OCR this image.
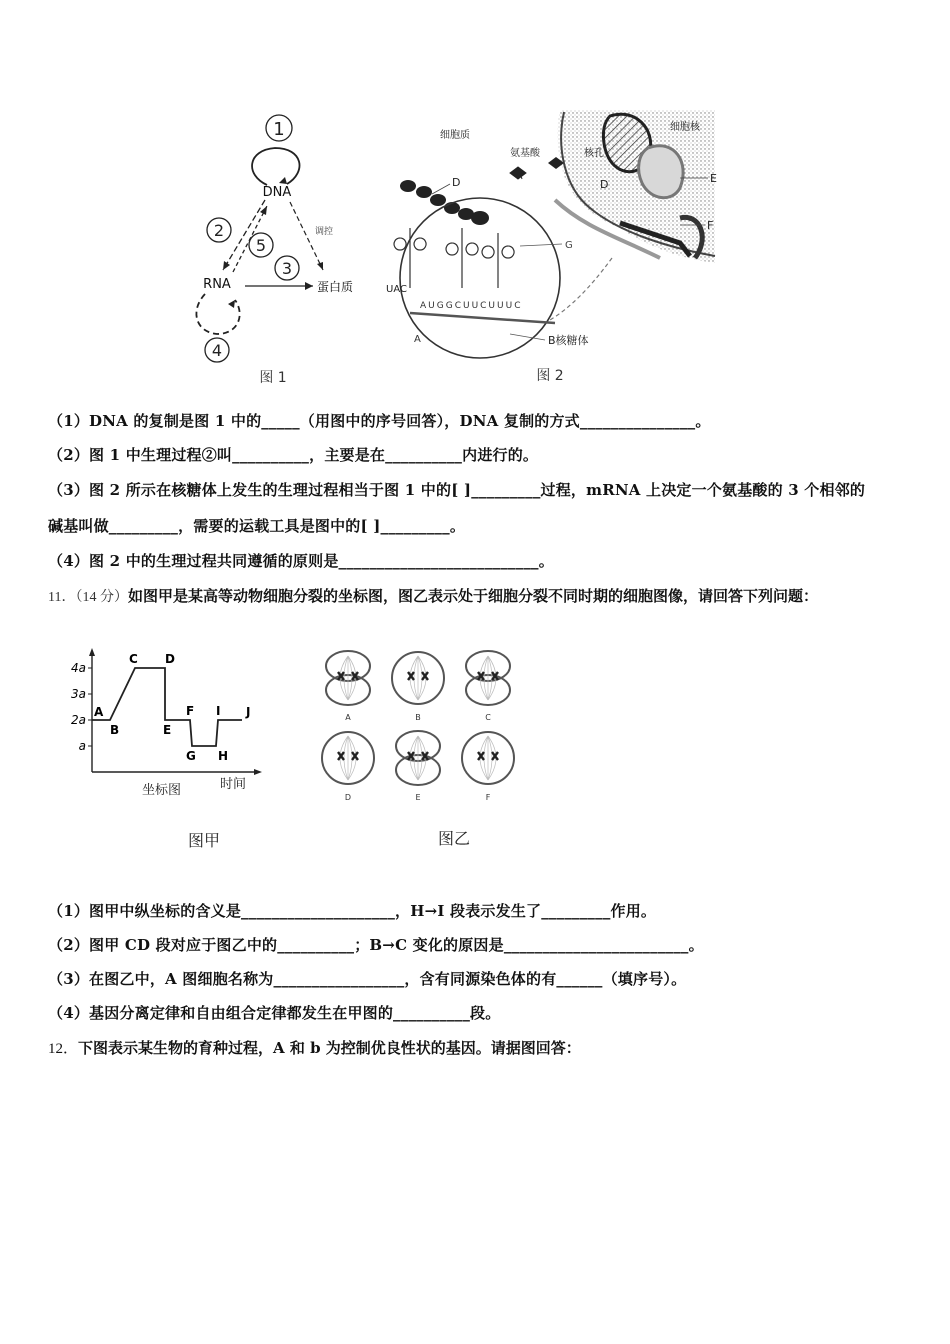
1
DNA
调控
2
5
3
RNA	蛋白质
4
图 1
细胞核
核孔
D	E
F
细胞质
氨基酸
D
G
UAC
AUGGCUUCUUUC
A	B核糖体
图 2
（1）DNA 的复制是图 1 中的_____（用图中的序号回答），DNA 复制的方式_______________。
（2）图 1 中生理过程②叫__________，主要是在__________内进行的。
（3）图 2 所示在核糖体上发生的生理过程相当于图 1 中的[ ]_________过程，mRNA 上决定一个氨基酸的 3 个相邻的
碱基叫做_________，需要的运载工具是图中的[ ]_________。
（4）图 2 中的生理过程共同遵循的原则是__________________________。
11．（14 分）如图甲是某高等动物细胞分裂的坐标图，图乙表示处于细胞分裂不同时期的细胞图像，请回答下列问题：
a
2a
3a
4a
A
B
C D
E
F
G H
I J
时间
坐标图
图甲
A	B	C
D	E	F
图乙
（1）图甲中纵坐标的含义是____________________，H→I 段表示发生了_________作用。
（2）图甲 CD 段对应于图乙中的__________；B→C 变化的原因是________________________。
（3）在图乙中，A 图细胞名称为_________________，含有同源染色体的有______（填序号）。
（4）基因分离定律和自由组合定律都发生在甲图的__________段。
12．下图表示某生物的育种过程，A 和 b 为控制优良性状的基因。请据图回答：
